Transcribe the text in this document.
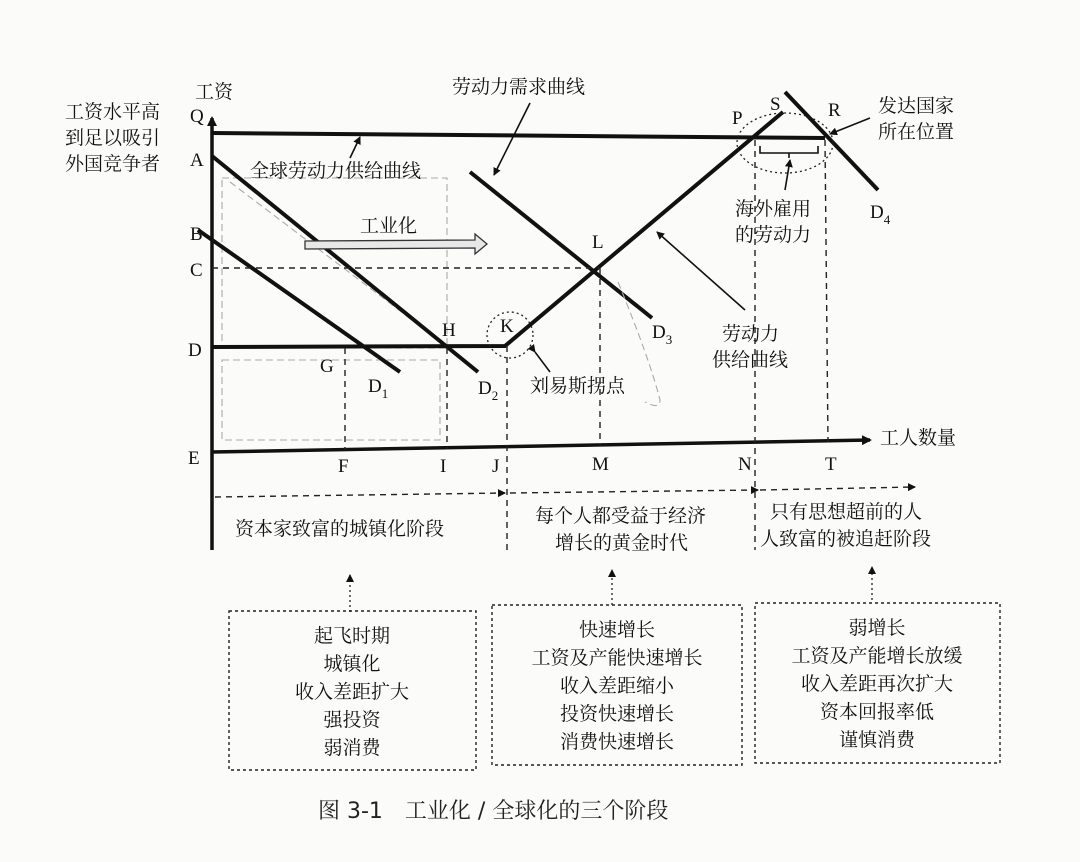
工资
工人数量
Q
A
B
C
D
E	F
G
H
I J
K
L
M	N
P
S R
T
$D_1$	$D_2$
$D_3$
$D_4$
工资水平高
到足以吸引
外国竞争者
劳动力需求曲线
全球劳动力供给曲线
工业化
发达国家
所在位置
海外雇用
的劳动力
劳动力
供给曲线
刘易斯拐点
资本家致富的城镇化阶段
每个人都受益于经济
增长的黄金时代
只有思想超前的人
人致富的被追赶阶段
起飞时期
城镇化
收入差距扩大
强投资
弱消费
快速增长
工资及产能快速增长
收入差距缩小
投资快速增长
消费快速增长
弱增长
工资及产能增长放缓
收入差距再次扩大
资本回报率低
谨慎消费
图 3-1　工业化 / 全球化的三个阶段
